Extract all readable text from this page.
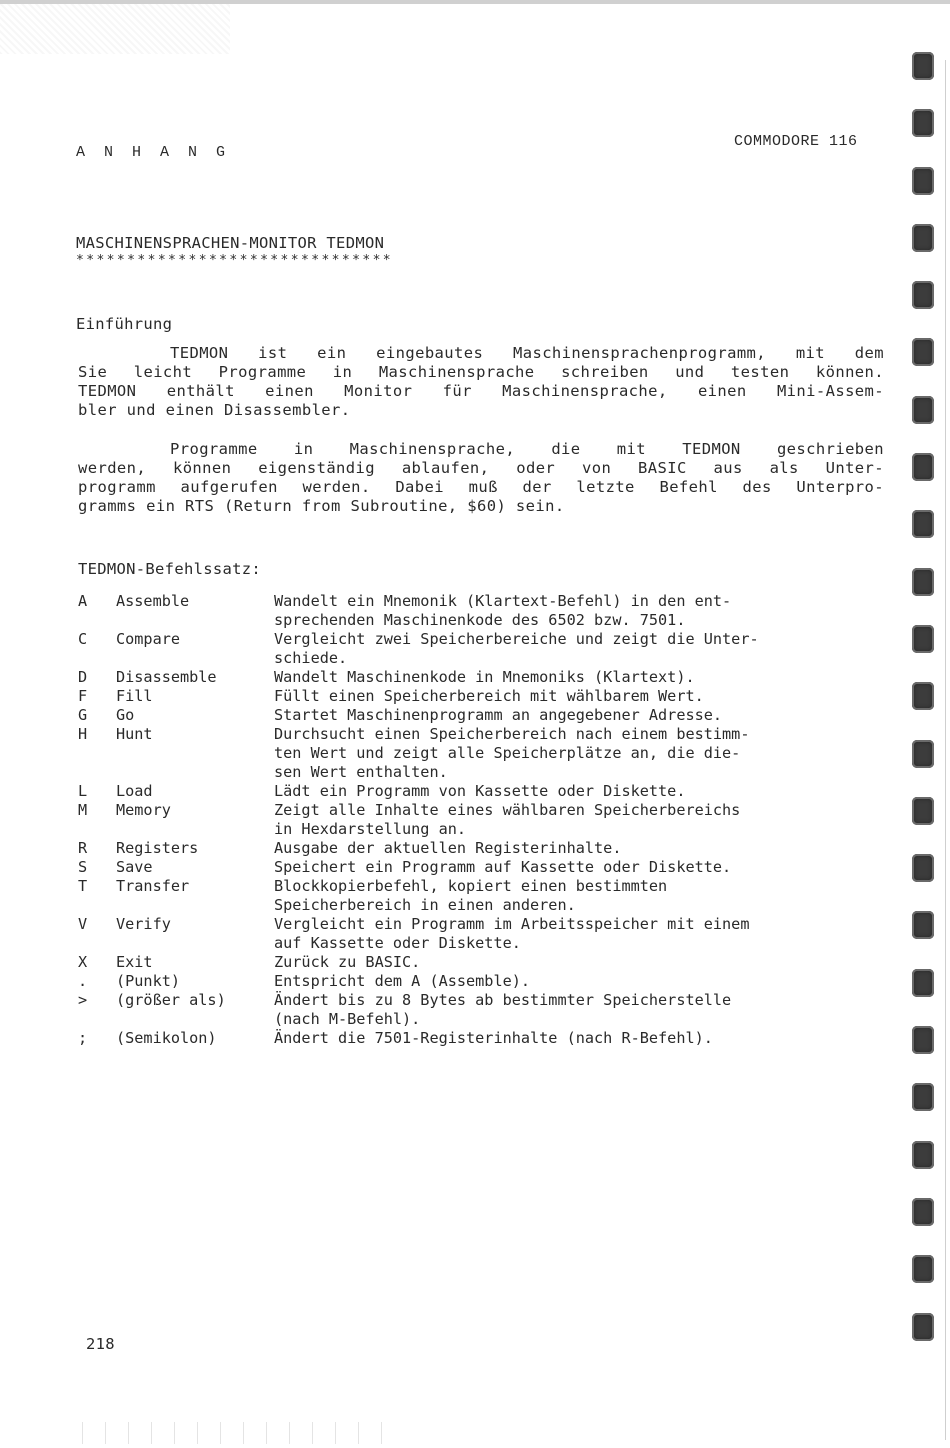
A N H A N G
COMMODORE 116
MASCHINENSPRACHEN-MONITOR TEDMON
*******************************
Einführung
TEDMON ist ein eingebautes Maschinensprachenprogramm, mit dem
Sie leicht Programme in Maschinensprache schreiben und testen können.
TEDMON enthält einen Monitor für Maschinensprache, einen Mini-Assem-
bler und einen Disassembler.
Programme in Maschinensprache, die mit TEDMON geschrieben
werden, können eigenständig ablaufen, oder von BASIC aus als Unter-
programm aufgerufen werden. Dabei muß der letzte Befehl des Unterpro-
gramms ein RTS (Return from Subroutine, $60) sein.
TEDMON-Befehlssatz:
A	Assemble	Wandelt ein Mnemonik (Klartext-Befehl) in den ent-
sprechenden Maschinenkode des 6502 bzw. 7501.
C	Compare	Vergleicht zwei Speicherbereiche und zeigt die Unter-
schiede.
D	Disassemble	Wandelt Maschinenkode in Mnemoniks (Klartext).
F	Fill	Füllt einen Speicherbereich mit wählbarem Wert.
G	Go	Startet Maschinenprogramm an angegebener Adresse.
H	Hunt	Durchsucht einen Speicherbereich nach einem bestimm-
ten Wert und zeigt alle Speicherplätze an, die die-
sen Wert enthalten.
L	Load	Lädt ein Programm von Kassette oder Diskette.
M	Memory	Zeigt alle Inhalte eines wählbaren Speicherbereichs
in Hexdarstellung an.
R	Registers	Ausgabe der aktuellen Registerinhalte.
S	Save	Speichert ein Programm auf Kassette oder Diskette.
T	Transfer	Blockkopierbefehl, kopiert einen bestimmten
Speicherbereich in einen anderen.
V	Verify	Vergleicht ein Programm im Arbeitsspeicher mit einem
auf Kassette oder Diskette.
X	Exit	Zurück zu BASIC.
.	(Punkt)	Entspricht dem A (Assemble).
>	(größer als)	Ändert bis zu 8 Bytes ab bestimmter Speicherstelle
(nach M-Befehl).
;	(Semikolon)	Ändert die 7501-Registerinhalte (nach R-Befehl).
218
